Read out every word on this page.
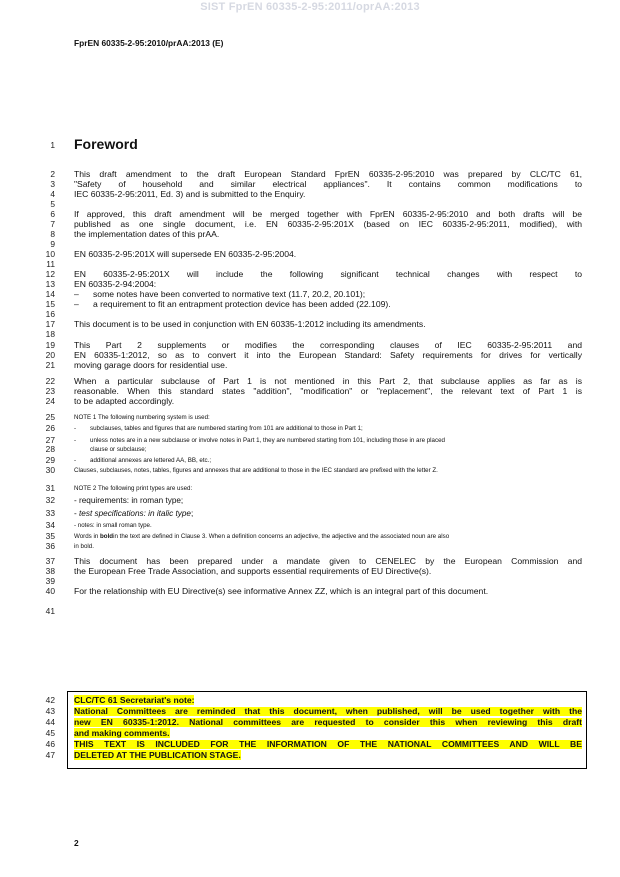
SIST FprEN 60335-2-95:2011/oprAA:2013
FprEN 60335-2-95:2010/prAA:2013 (E)
1 Foreword
2 This draft amendment to the draft European Standard FprEN 60335-2-95:2010 was prepared by CLC/TC 61,
3 "Safety of household and similar electrical appliances". It contains common modifications to
4 IEC 60335-2-95:2011, Ed. 3) and is submitted to the Enquiry.
5
6 If approved, this draft amendment will be merged together with FprEN 60335-2-95:2010 and both drafts will be
7 published as one single document, i.e. EN 60335-2-95:201X (based on IEC 60335-2-95:2011, modified), with
8 the implementation dates of this prAA.
9
10 EN 60335-2-95:201X will supersede EN 60335-2-95:2004.
11
12 EN 60335-2-95:201X will include the following significant technical changes with respect to
13 EN 60335-2-94:2004:
14 –	some notes have been converted to normative text (11.7, 20.2, 20.101);
15 –	a requirement to fit an entrapment protection device has been added (22.109).
16
17 This document is to be used in conjunction with EN 60335-1:2012 including its amendments.
18
19 This Part 2 supplements or modifies the corresponding clauses of IEC 60335-2-95:2011 and
20 EN 60335-1:2012, so as to convert it into the European Standard: Safety requirements for drives for vertically
21 moving garage doors for residential use.
22 When a particular subclause of Part 1 is not mentioned in this Part 2, that subclause applies as far as is
23 reasonable. When this standard states "addition", "modification" or "replacement", the relevant text of Part 1 is
24 to be adapted accordingly.
25	NOTE 1 The following numbering system is used:
26	-	subclauses, tables and figures that are numbered starting from 101 are additional to those in Part 1;
27	-	unless notes are in a new subclause or involve notes in Part 1, they are numbered starting from 101, including those in are placed
28	clause or subclause;
29	-	additional annexes are lettered AA, BB, etc.;
30	Clauses, subclauses, notes, tables, figures and annexes that are additional to those in the IEC standard are prefixed with the letter Z.
31	NOTE 2 The following print types are used:
32 - requirements: in roman type;
33 - test specifications: in italic type;
34	- notes: in small roman type.
35	Words in boldin the text are defined in Clause 3. When a definition concerns an adjective, the adjective and the associated noun are also
36	in bold.
37 This document has been prepared under a mandate given to CENELEC by the European Commission and
38 the European Free Trade Association, and supports essential requirements of EU Directive(s).
39
40 For the relationship with EU Directive(s) see informative Annex ZZ, which is an integral part of this document.
41
42 CLC/TC 61 Secretariat's note:
43 National Committees are reminded that this document, when published, will be used together with the
44 new EN 60335-1:2012. National committees are requested to consider this when reviewing this draft
45 and making comments.
46 THIS TEXT IS INCLUDED FOR THE INFORMATION OF THE NATIONAL COMMITTEES AND WILL BE
47 DELETED AT THE PUBLICATION STAGE.
2
